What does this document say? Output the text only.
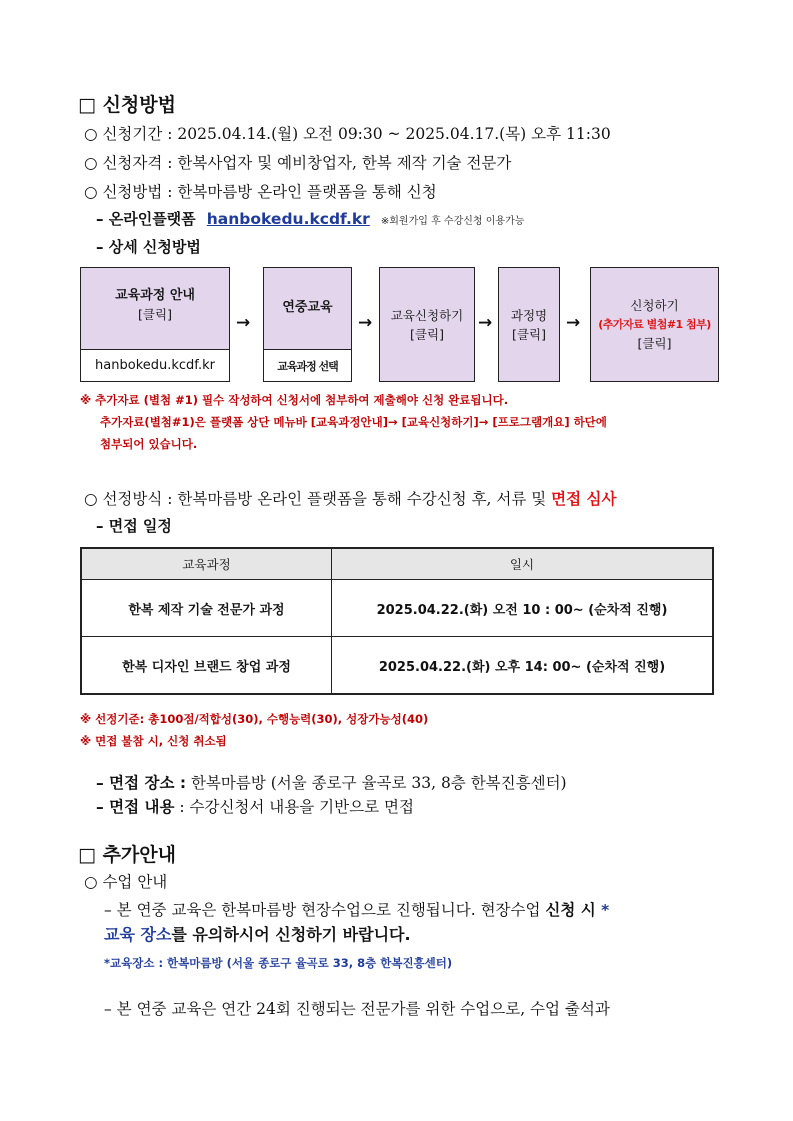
□ 신청방법
○ 신청기간 : 2025.04.14.(월) 오전 09:30 ~ 2025.04.17.(목) 오후 11:30
○ 신청자격 : 한복사업자 및 예비창업자, 한복 제작 기술 전문가
○ 신청방법 : 한복마름방 온라인 플랫폼을 통해 신청
– 온라인플랫폼 hanbokedu.kcdf.kr ※회원가입 후 수강신청 이용가능
– 상세 신청방법
교육과정 안내
[클릭]
hanbokedu.kcdf.kr
→
연중교육
교육과정 선택
→ 교육신청하기
[클릭]
→ 과정명
[클릭]
→
신청하기
(추가자료 별첨#1 첨부)
[클릭]
※ 추가자료 (별첨 #1) 필수 작성하여 신청서에 첨부하여 제출해야 신청 완료됩니다.
추가자료(별첨#1)은 플랫폼 상단 메뉴바 [교육과정안내]→ [교육신청하기]→ [프로그램개요] 하단에
첨부되어 있습니다.
○ 선정방식 : 한복마름방 온라인 플랫폼을 통해 수강신청 후, 서류 및 면접 심사
– 면접 일정
교육과정	일시
한복 제작 기술 전문가 과정	2025.04.22.(화) 오전 10 : 00~ (순차적 진행)
한복 디자인 브랜드 창업 과정	2025.04.22.(화) 오후 14: 00~ (순차적 진행)
※ 선정기준: 총100점/적합성(30), 수행능력(30), 성장가능성(40)
※ 면접 불참 시, 신청 취소됨
– 면접 장소 : 한복마름방 (서울 종로구 율곡로 33, 8층 한복진흥센터)
– 면접 내용 : 수강신청서 내용을 기반으로 면접
□ 추가안내
○ 수업 안내
– 본 연중 교육은 한복마름방 현장수업으로 진행됩니다. 현장수업 신청 시 *
교육 장소를 유의하시어 신청하기 바랍니다.
*교육장소 : 한복마름방 (서울 종로구 율곡로 33, 8층 한복진흥센터)
– 본 연중 교육은 연간 24회 진행되는 전문가를 위한 수업으로, 수업 출석과
